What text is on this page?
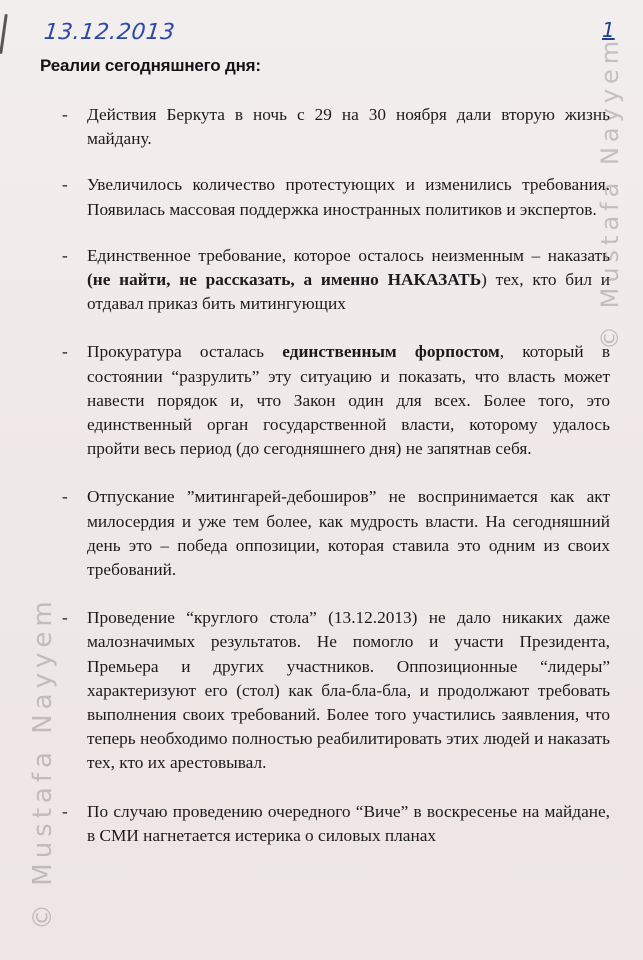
13.12.2013	1
Реалии сегодняшнего дня:
-	Действия Беркута в ночь с 29 на 30 ноября дали вторую жизнь майдану.
-	Увеличилось количество протестующих и изменились требования. Появилась массовая поддержка иностранных политиков и экспертов.
-	Единственное требование, которое осталось неизменным – наказать (не найти, не рассказать, а именно НАКАЗАТЬ) тех, кто бил и отдавал приказ бить митингующих
-	Прокуратура осталась единственным форпостом, который в состоянии “разрулить” эту ситуацию и показать, что власть может навести порядок и, что Закон один для всех. Более того, это единственный орган государственной власти, которому удалось пройти весь период (до сегодняшнего дня) не запятнав себя.
-	Отпускание ”митингарей-дебоширов” не воспринимается как акт милосердия и уже тем более, как мудрость власти. На сегодняшний день это – победа оппозиции, которая ставила это одним из своих требований.
-	Проведение “круглого стола” (13.12.2013) не дало никаких даже малозначимых результатов. Не помогло и участи Президента, Премьера и других участников. Оппозиционные “лидеры” характеризуют его (стол) как бла-бла-бла, и продолжают требовать выполнения своих требований. Более того участились заявления, что теперь необходимо полностью реабилитировать этих людей и наказать тех, кто их арестовывал.
-	По случаю проведению очередного “Виче” в воскресенье на майдане, в СМИ нагнетается истерика о силовых планах
© Mustafa Nayyem
© Mustafa Nayyem
